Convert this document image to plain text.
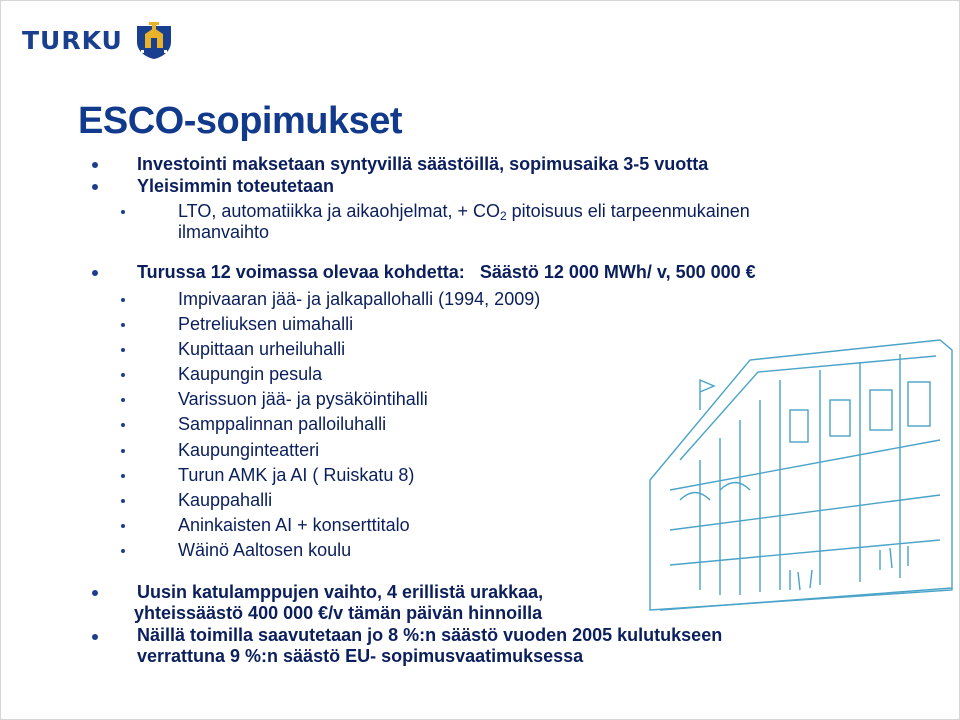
TURKU
ESCO-sopimukset
Investointi maksetaan syntyvillä säästöillä, sopimusaika 3-5 vuotta
Yleisimmin toteutetaan
LTO, automatiikka ja aikaohjelmat, + $CO_2$ pitoisuus eli tarpeenmukainen
ilmanvaihto
Turussa 12 voimassa olevaa kohdetta: Säästö 12 000 MWh/ v, 500 000 €
Impivaaran jää- ja jalkapallohalli (1994, 2009)
Petreliuksen uimahalli
Kupittaan urheiluhalli
Kaupungin pesula
Varissuon jää- ja pysäköintihalli
Samppalinnan palloiluhalli
Kaupunginteatteri
Turun AMK ja AI ( Ruiskatu 8)
Kauppahalli
Aninkaisten AI + konserttitalo
Wäinö Aaltosen koulu
Uusin katulamppujen vaihto, 4 erillistä urakkaa,
yhteissäästö 400 000 €/v tämän päivän hinnoilla
Näillä toimilla saavutetaan jo 8 %:n säästö vuoden 2005 kulutukseen
verrattuna 9 %:n säästö EU- sopimusvaatimuksessa
